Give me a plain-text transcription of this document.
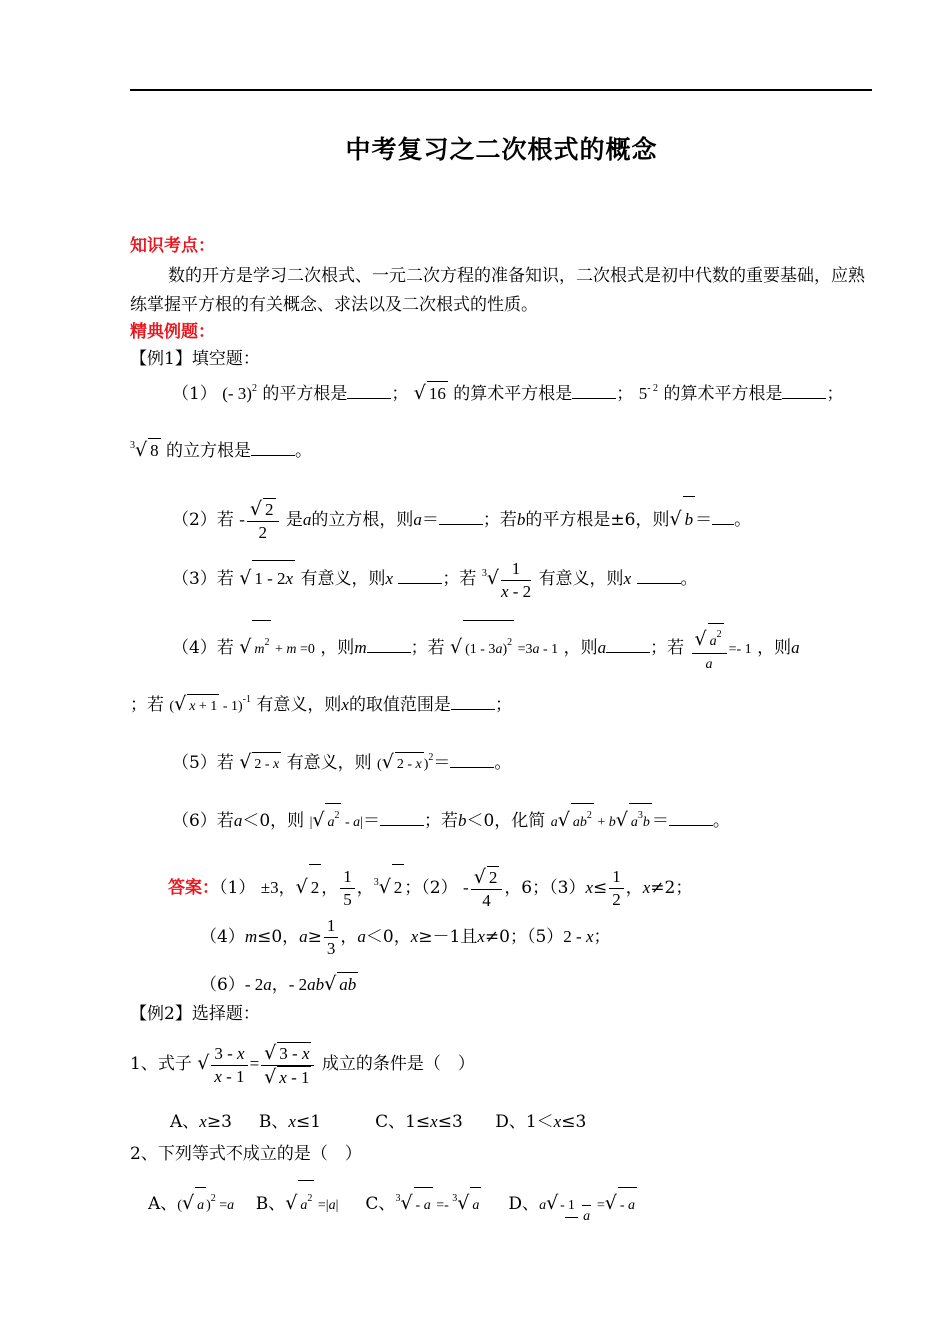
中考复习之二次根式的概念
知识考点：
数的开方是学习二次根式、一元二次方程的准备知识，二次根式是初中代数的重要基础，应熟练掌握平方根的有关概念、求法以及二次根式的性质。
精典例题：
【例1】填空题：
（1） (- 3)$^2$ 的平方根是	； √ 16 的算术平方根是	； $5^{- 2}$ 的算术平方根是	；
$^3$√ 8 的立方根是	。
（2）若 - $\frac{√ 2}{2}$ 是a的立方根，则a＝	；若b的平方根是±6，则√ b ＝ 。
（3）若 √ 1 - 2x 有意义，则x	；若 $^3√ \frac{1}{x - 2}$ 有意义，则x	。
（4）若 √ $m^2 + m =0$ ，则m	；若 √ (1 - 3a)$^2$ =3a - 1 ，则a	；若 $\frac{√ a^2}{a} =- 1$ ，则a
；若 (√ x + 1 - 1)$^{-1}$ 有意义，则x的取值范围是	；
（5）若 √ 2 - x 有意义，则 (√ 2 - x )$^2$＝	。
（6）若a＜0，则 |√ $a^2 - a|=$	；若b＜0，化简 a√ $ab^2 + b√$ $a^3b$ ＝	。
答案：（1） ±3，√ 2 ， $\frac{1}{5}$ ，$^3$√ 2 ；$(2) - \frac{√ 2}{4}$ ，6；$(3)x\le \frac{1}{2}$ ，x≠2；
（4）m≤0，$a\ge \frac{1}{3}$ ，a＜0，x≥－1且x≠0；（5）2 - x；
（6）- 2a，- 2ab√ ab
【例2】选择题：
1、式子 √ $\frac{3 - x}{x - 1} = \frac{√ 3 - x}{√ x - 1}$ 成立的条件是（　）
A、x≥3 B、x≤1	C、1≤x≤3 D、1＜x≤3
2、下列等式不成立的是（　）
A、(√ a )$^2$ =a B、√ $a^2 =|a|$ C、$^3$√ - a =- $^3$√ a D、a√ - 1

a
=√ - a
